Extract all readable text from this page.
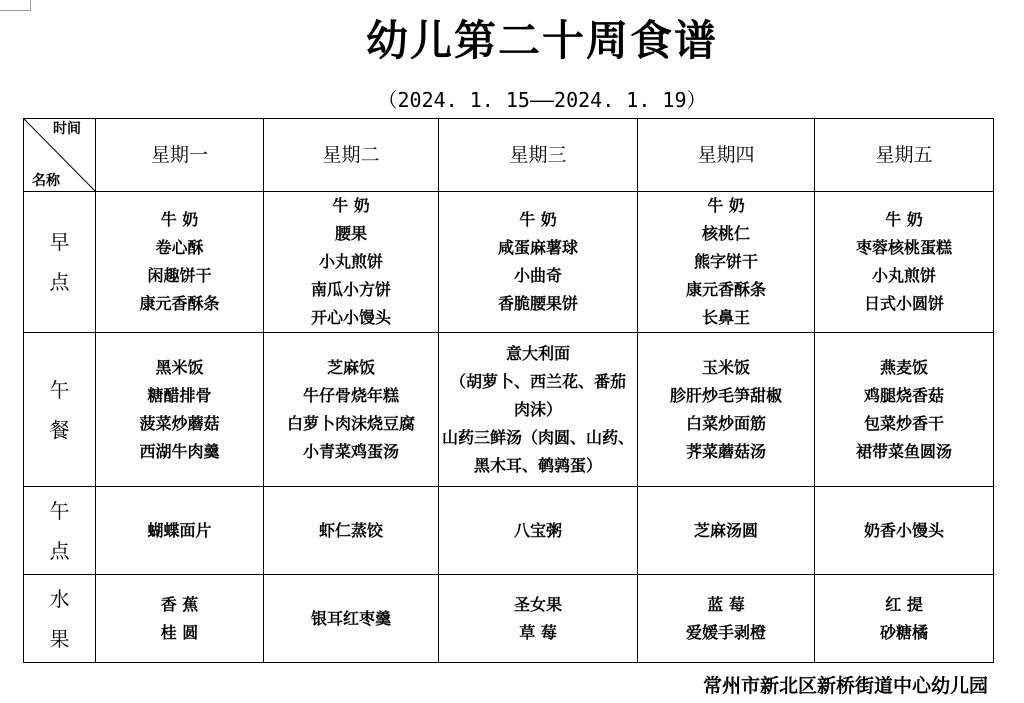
幼儿第二十周食谱
（2024. 1. 15——2024. 1. 19）
时间
名称	星期一	星期二	星期三	星期四	星期五

早
点	牛 奶
卷心酥
闲趣饼干
康元香酥条	牛 奶
腰果
小丸煎饼
南瓜小方饼
开心小馒头	牛 奶
咸蛋麻薯球
小曲奇
香脆腰果饼	牛 奶
核桃仁
熊字饼干
康元香酥条
长鼻王	牛 奶
枣蓉核桃蛋糕
小丸煎饼
日式小圆饼

午
餐	黑米饭
糖醋排骨
菠菜炒蘑菇
西湖牛肉羹	芝麻饭
牛仔骨烧年糕
白萝卜肉沫烧豆腐
小青菜鸡蛋汤	意大利面
（胡萝卜、西兰花、番茄
肉沫）
山药三鲜汤（肉圆、山药、
黑木耳、鹌鹑蛋）	玉米饭
胗肝炒毛笋甜椒
白菜炒面筋
荠菜蘑菇汤	燕麦饭
鸡腿烧香菇
包菜炒香干
裙带菜鱼圆汤

午
点	蝴蝶面片	虾仁蒸饺	八宝粥	芝麻汤圆	奶香小馒头

水
果	香 蕉
桂 圆	银耳红枣羹	圣女果
草 莓	蓝 莓
爱媛手剥橙	红 提
砂糖橘
常州市新北区新桥街道中心幼儿园
